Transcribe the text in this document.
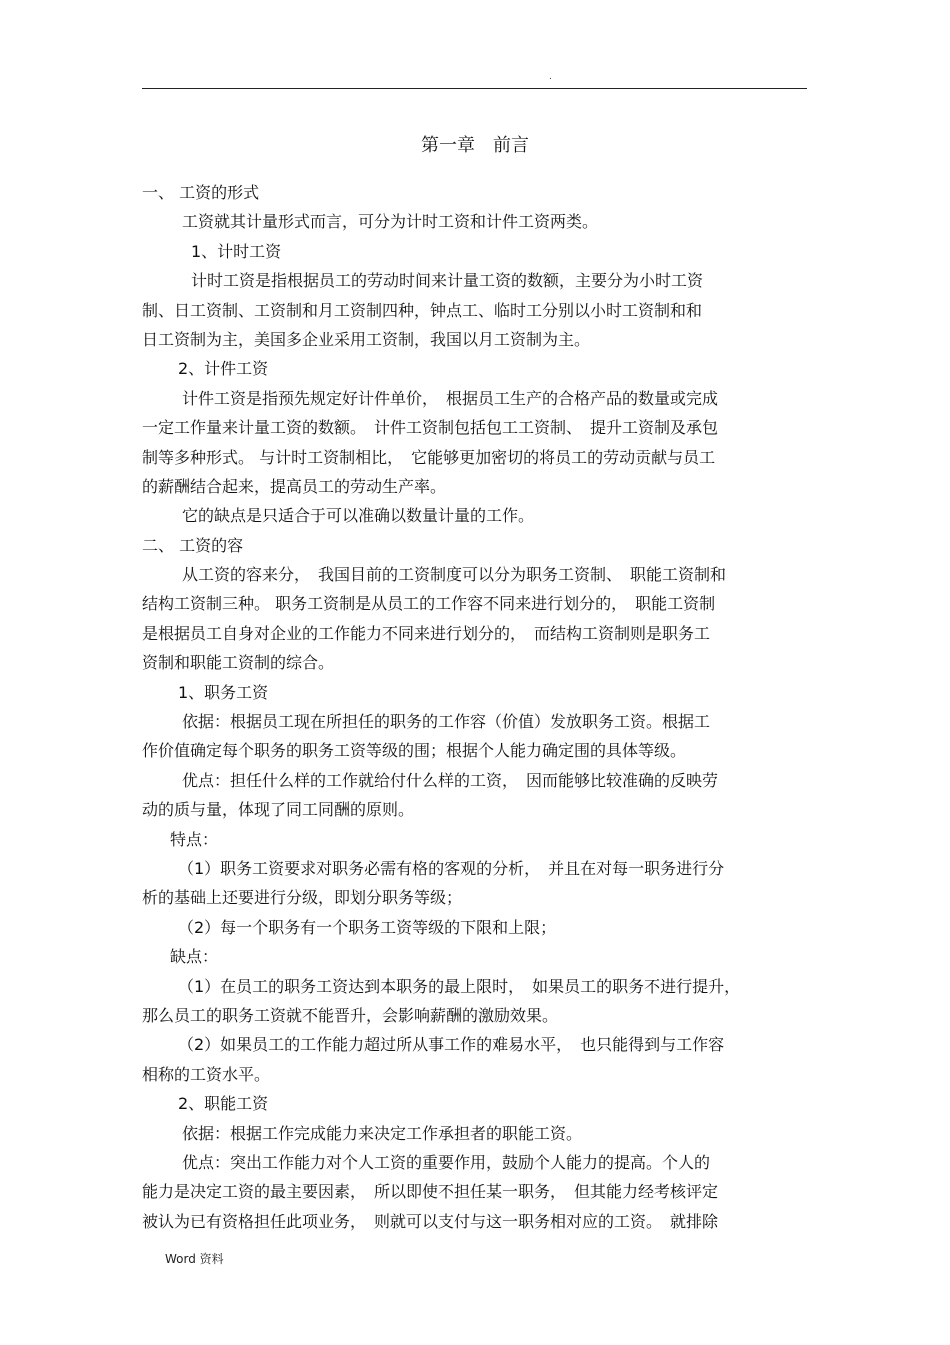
.
第一章　前言
一、 工资的形式
工资就其计量形式而言，可分为计时工资和计件工资两类。
1、计时工资
计时工资是指根据员工的劳动时间来计量工资的数额，主要分为小时工资
制、日工资制、工资制和月工资制四种，钟点工、临时工分别以小时工资制和和
日工资制为主，美国多企业采用工资制，我国以月工资制为主。
2、计件工资
计件工资是指预先规定好计件单价，　根据员工生产的合格产品的数量或完成
一定工作量来计量工资的数额。　计件工资制包括包工工资制、　提升工资制及承包
制等多种形式。 与计时工资制相比，　它能够更加密切的将员工的劳动贡献与员工
的薪酬结合起来，提高员工的劳动生产率。
它的缺点是只适合于可以准确以数量计量的工作。
二、 工资的容
从工资的容来分，　我国目前的工资制度可以分为职务工资制、　职能工资制和
结构工资制三种。 职务工资制是从员工的工作容不同来进行划分的，　职能工资制
是根据员工自身对企业的工作能力不同来进行划分的，　而结构工资制则是职务工
资制和职能工资制的综合。
1、职务工资
依据：根据员工现在所担任的职务的工作容（价值）发放职务工资。根据工
作价值确定每个职务的职务工资等级的围；根据个人能力确定围的具体等级。
优点：担任什么样的工作就给付什么样的工资，　因而能够比较准确的反映劳
动的质与量，体现了同工同酬的原则。
特点：
（1）职务工资要求对职务必需有格的客观的分析，　并且在对每一职务进行分
析的基础上还要进行分级，即划分职务等级；
（2）每一个职务有一个职务工资等级的下限和上限；
缺点：
（1）在员工的职务工资达到本职务的最上限时，　如果员工的职务不进行提升，
那么员工的职务工资就不能晋升，会影响薪酬的激励效果。
（2）如果员工的工作能力超过所从事工作的难易水平，　也只能得到与工作容
相称的工资水平。
2、职能工资
依据：根据工作完成能力来决定工作承担者的职能工资。
优点：突出工作能力对个人工资的重要作用，鼓励个人能力的提高。个人的
能力是决定工资的最主要因素，　所以即使不担任某一职务，　但其能力经考核评定
被认为已有资格担任此项业务，　则就可以支付与这一职务相对应的工资。　就排除
Word 资料
